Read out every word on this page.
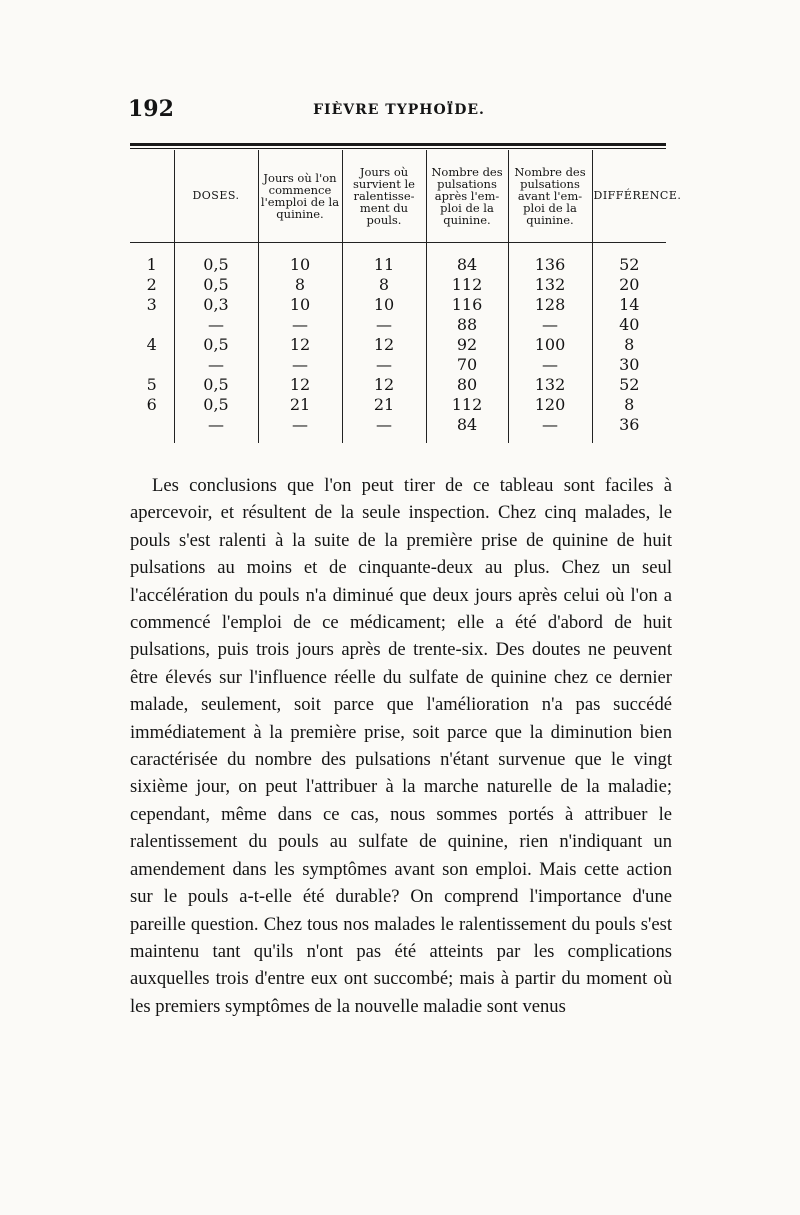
192	FIÈVRE TYPHOÏDE.
	DOSES.	Jours où l'on commence l'emploi de la quinine.	Jours où survient le ralentisse-ment du pouls.	Nombre des pulsations après l'em-ploi de la quinine.	Nombre des pulsations avant l'em-ploi de la quinine.	DIFFÉRENCE.
1	0,5	10	11	84	136	52
2	0,5	8	8	112	132	20
3	0,3	10	10	116	128	14
	—	—	—	88	—	40
4	0,5	12	12	92	100	8
	—	—	—	70	—	30
5	0,5	12	12	80	132	52
6	0,5	21	21	112	120	8
	—	—	—	84	—	36

Les conclusions que l'on peut tirer de ce tableau sont faciles à apercevoir, et résultent de la seule inspection. Chez cinq malades, le pouls s'est ralenti à la suite de la première prise de quinine de huit pulsations au moins et de cinquante-deux au plus. Chez un seul l'accélération du pouls n'a diminué que deux jours après celui où l'on a commencé l'emploi de ce médicament; elle a été d'abord de huit pulsations, puis trois jours après de trente-six. Des doutes ne peuvent être élevés sur l'influence réelle du sulfate de quinine chez ce dernier malade, seulement, soit parce que l'amélioration n'a pas succédé immédiatement à la première prise, soit parce que la diminution bien caractérisée du nombre des pulsations n'étant survenue que le vingt sixième jour, on peut l'attribuer à la marche naturelle de la maladie; cependant, même dans ce cas, nous sommes portés à attribuer le ralentissement du pouls au sulfate de quinine, rien n'indiquant un amendement dans les symptômes avant son emploi. Mais cette action sur le pouls a-t-elle été durable? On comprend l'importance d'une pareille question. Chez tous nos malades le ralentissement du pouls s'est maintenu tant qu'ils n'ont pas été atteints par les complications auxquelles trois d'entre eux ont succombé; mais à partir du moment où les premiers symptômes de la nouvelle maladie sont venus
